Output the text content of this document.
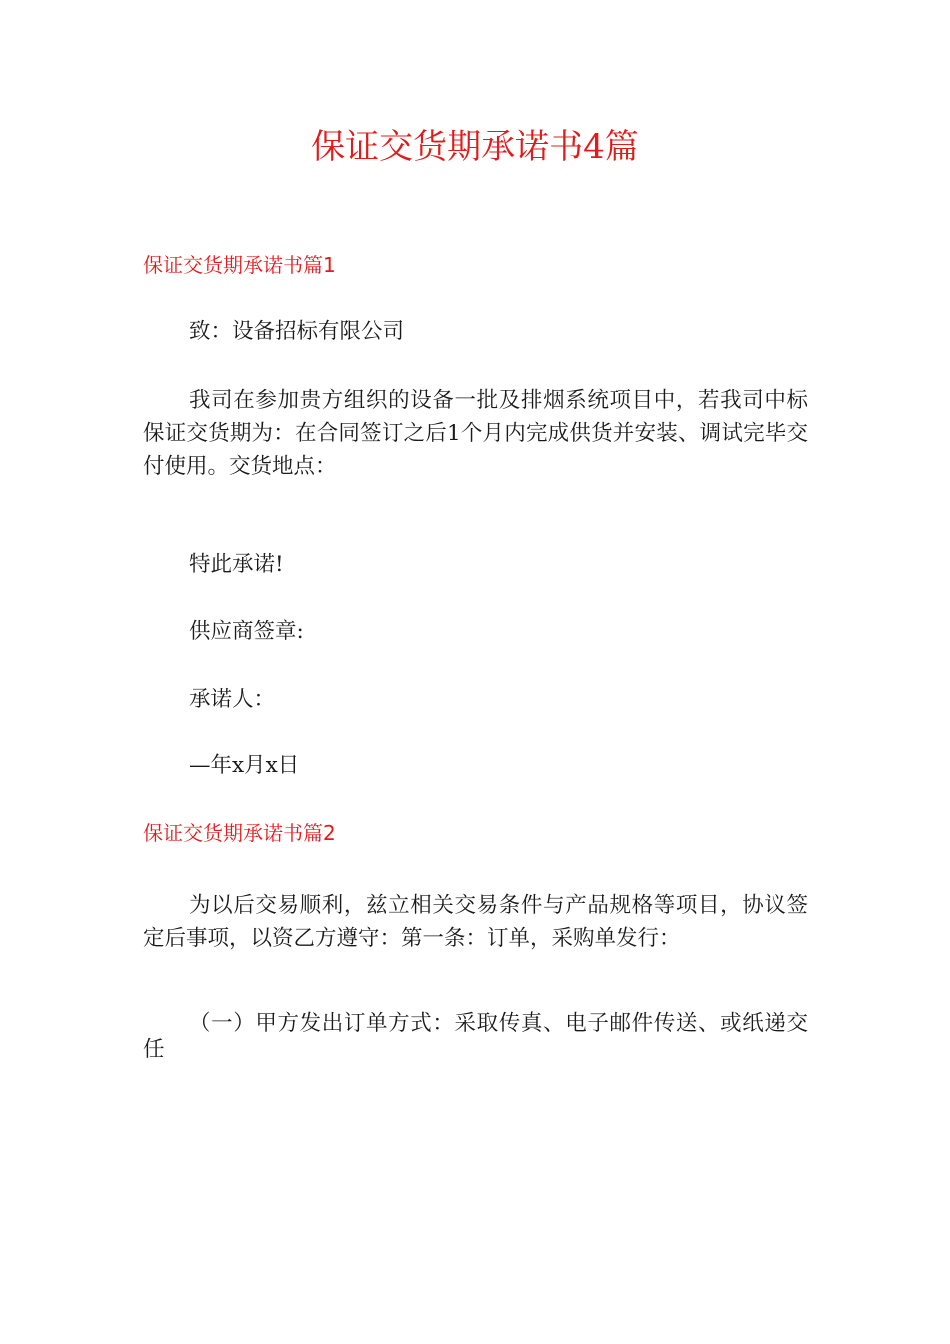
保证交货期承诺书4篇
保证交货期承诺书篇1

致：设备招标有限公司

我司在参加贵方组织的设备一批及排烟系统项目中，若我司中标保证交货期为：在合同签订之后1个月内完成供货并安装、调试完毕交付使用。交货地点：

特此承诺!

供应商签章:

承诺人：

—年x月x日

保证交货期承诺书篇2

为以后交易顺利，兹立相关交易条件与产品规格等项目，协议签定后事项，以资乙方遵守：第一条：订单，采购单发行：

（一）甲方发出订单方式：采取传真、电子邮件传送、或纸递交任
